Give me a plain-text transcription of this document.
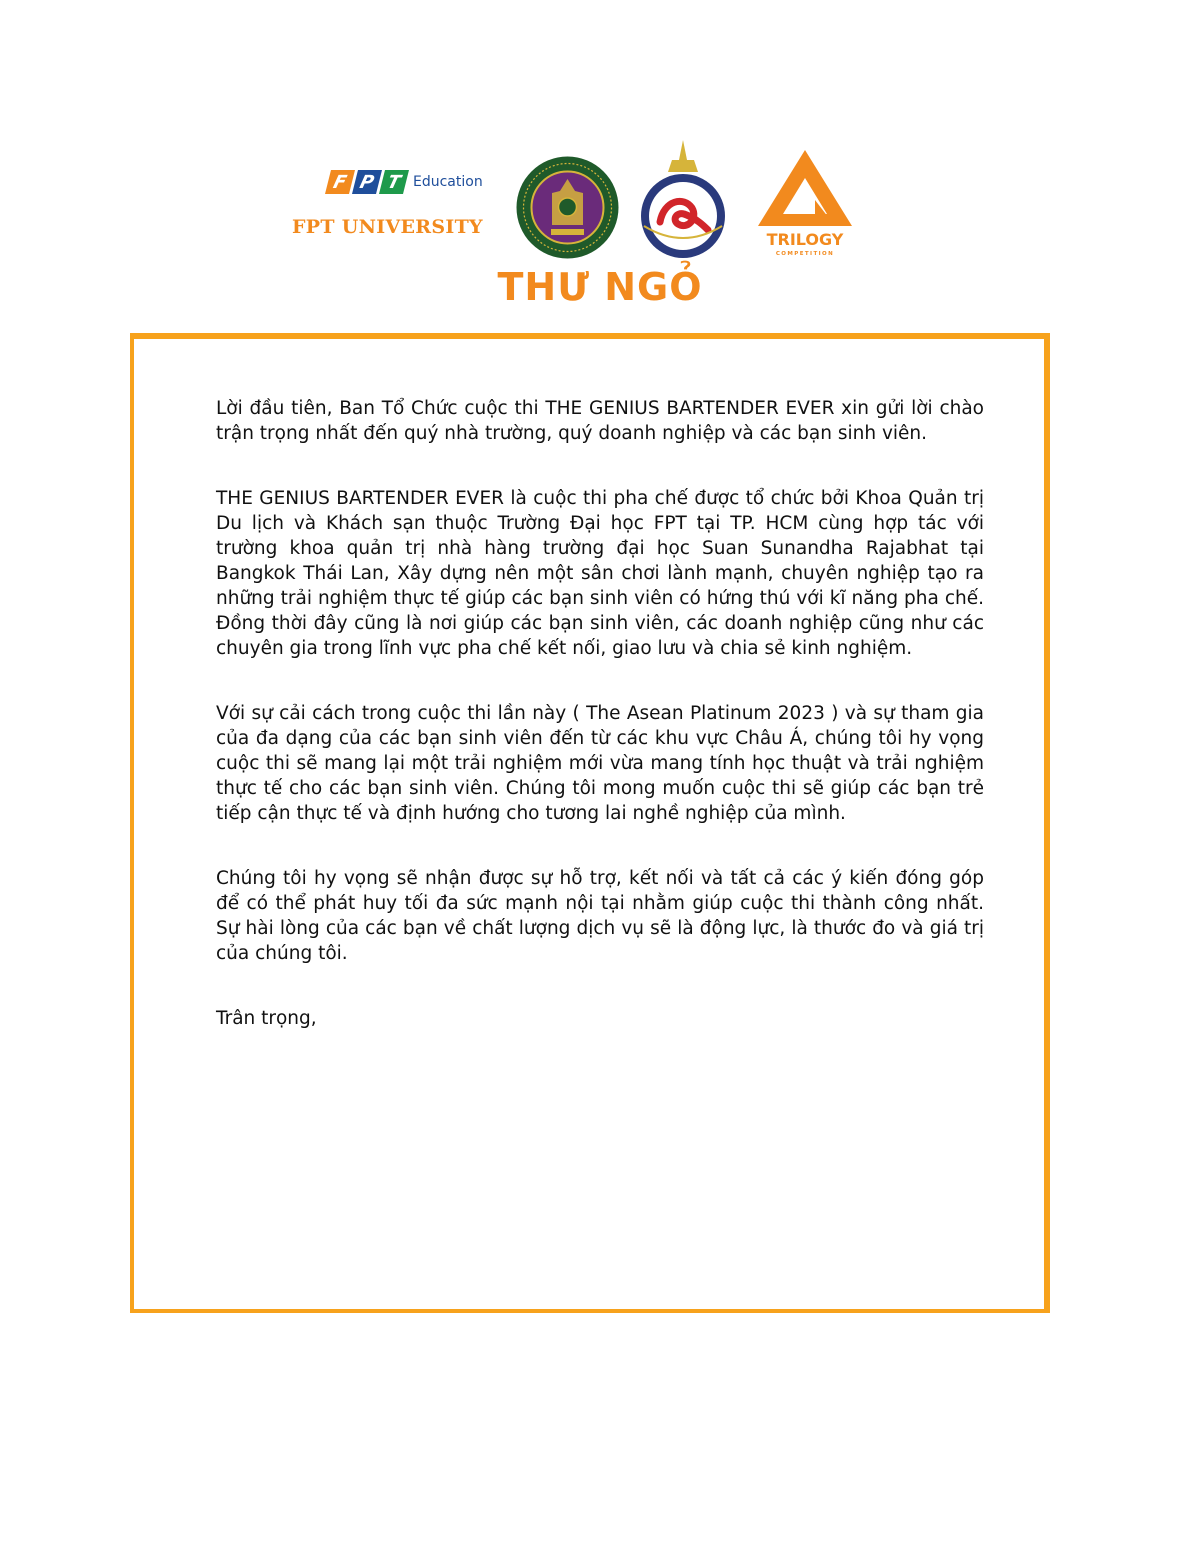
F P T Education
FPT UNIVERSITY
TRILOGY
COMPETITION
THƯ NGỎ

Lời đầu tiên, Ban Tổ Chức cuộc thi THE GENIUS BARTENDER EVER xin gửi lời chào trận trọng nhất đến quý nhà trường, quý doanh nghiệp và các bạn sinh viên.

THE GENIUS BARTENDER EVER là cuộc thi pha chế được tổ chức bởi Khoa Quản trị Du lịch và Khách sạn thuộc Trường Đại học FPT tại TP. HCM cùng hợp tác với trường khoa quản trị nhà hàng trường đại học Suan Sunandha Rajabhat tại Bangkok Thái Lan, Xây dựng nên một sân chơi lành mạnh, chuyên nghiệp tạo ra những trải nghiệm thực tế giúp các bạn sinh viên có hứng thú với kĩ năng pha chế. Đồng thời đây cũng là nơi giúp các bạn sinh viên, các doanh nghiệp cũng như các chuyên gia trong lĩnh vực pha chế kết nối, giao lưu và chia sẻ kinh nghiệm.

Với sự cải cách trong cuộc thi lần này ( The Asean Platinum 2023 ) và sự tham gia của đa dạng của các bạn sinh viên đến từ các khu vực Châu Á, chúng tôi hy vọng cuộc thi sẽ mang lại một trải nghiệm mới vừa mang tính học thuật và trải nghiệm thực tế cho các bạn sinh viên. Chúng tôi mong muốn cuộc thi sẽ giúp các bạn trẻ tiếp cận thực tế và định hướng cho tương lai nghề nghiệp của mình.

Chúng tôi hy vọng sẽ nhận được sự hỗ trợ, kết nối và tất cả các ý kiến đóng góp để có thể phát huy tối đa sức mạnh nội tại nhằm giúp cuộc thi thành công nhất. Sự hài lòng của các bạn về chất lượng dịch vụ sẽ là động lực, là thước đo và giá trị của chúng tôi.

Trân trọng,
